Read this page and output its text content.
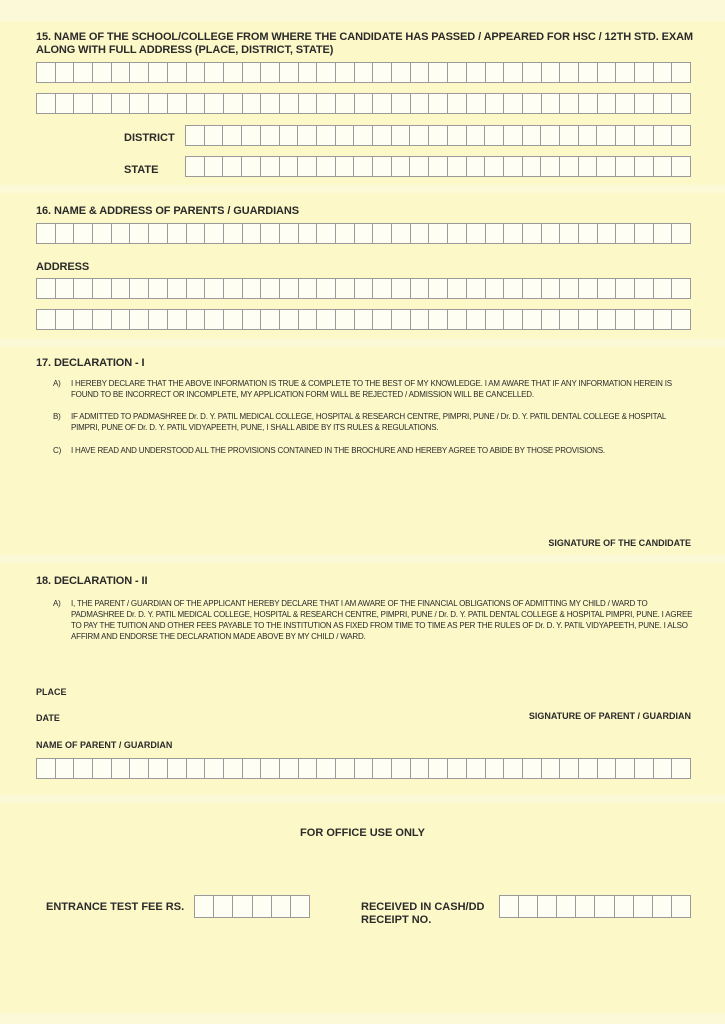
15. NAME OF THE SCHOOL/COLLEGE FROM WHERE THE CANDIDATE HAS PASSED / APPEARED FOR HSC / 12TH STD. EXAM ALONG WITH FULL ADDRESS (PLACE, DISTRICT, STATE)
DISTRICT
STATE
16. NAME & ADDRESS OF PARENTS / GUARDIANS
ADDRESS
17. DECLARATION - I
A)	I HEREBY DECLARE THAT THE ABOVE INFORMATION IS TRUE & COMPLETE TO THE BEST OF MY KNOWLEDGE. I AM AWARE THAT IF ANY INFORMATION HEREIN IS FOUND TO BE INCORRECT OR INCOMPLETE, MY APPLICATION FORM WILL BE REJECTED / ADMISSION WILL BE CANCELLED.
B)	IF ADMITTED TO PADMASHREE Dr. D. Y. PATIL MEDICAL COLLEGE, HOSPITAL & RESEARCH CENTRE, PIMPRI, PUNE / Dr. D. Y. PATIL DENTAL COLLEGE & HOSPITAL PIMPRI, PUNE OF Dr. D. Y. PATIL VIDYAPEETH, PUNE, I SHALL ABIDE BY ITS RULES & REGULATIONS.
C)	I HAVE READ AND UNDERSTOOD ALL THE PROVISIONS CONTAINED IN THE BROCHURE AND HEREBY AGREE TO ABIDE BY THOSE PROVISIONS.
SIGNATURE OF THE CANDIDATE
18. DECLARATION - II
A)	I, THE PARENT / GUARDIAN OF THE APPLICANT HEREBY DECLARE THAT I AM AWARE OF THE FINANCIAL OBLIGATIONS OF ADMITTING MY CHILD / WARD TO PADMASHREE Dr. D. Y. PATIL MEDICAL COLLEGE, HOSPITAL & RESEARCH CENTRE, PIMPRI, PUNE / Dr. D. Y. PATIL DENTAL COLLEGE & HOSPITAL PIMPRI, PUNE. I AGREE TO PAY THE TUITION AND OTHER FEES PAYABLE TO THE INSTITUTION AS FIXED FROM TIME TO TIME AS PER THE RULES OF Dr. D. Y. PATIL VIDYAPEETH, PUNE. I ALSO AFFIRM AND ENDORSE THE DECLARATION MADE ABOVE BY MY CHILD / WARD.
PLACE
DATE	SIGNATURE OF PARENT / GUARDIAN
NAME OF PARENT / GUARDIAN
FOR OFFICE USE ONLY
ENTRANCE TEST FEE RS.	RECEIVED IN CASH/DD
RECEIPT NO.
